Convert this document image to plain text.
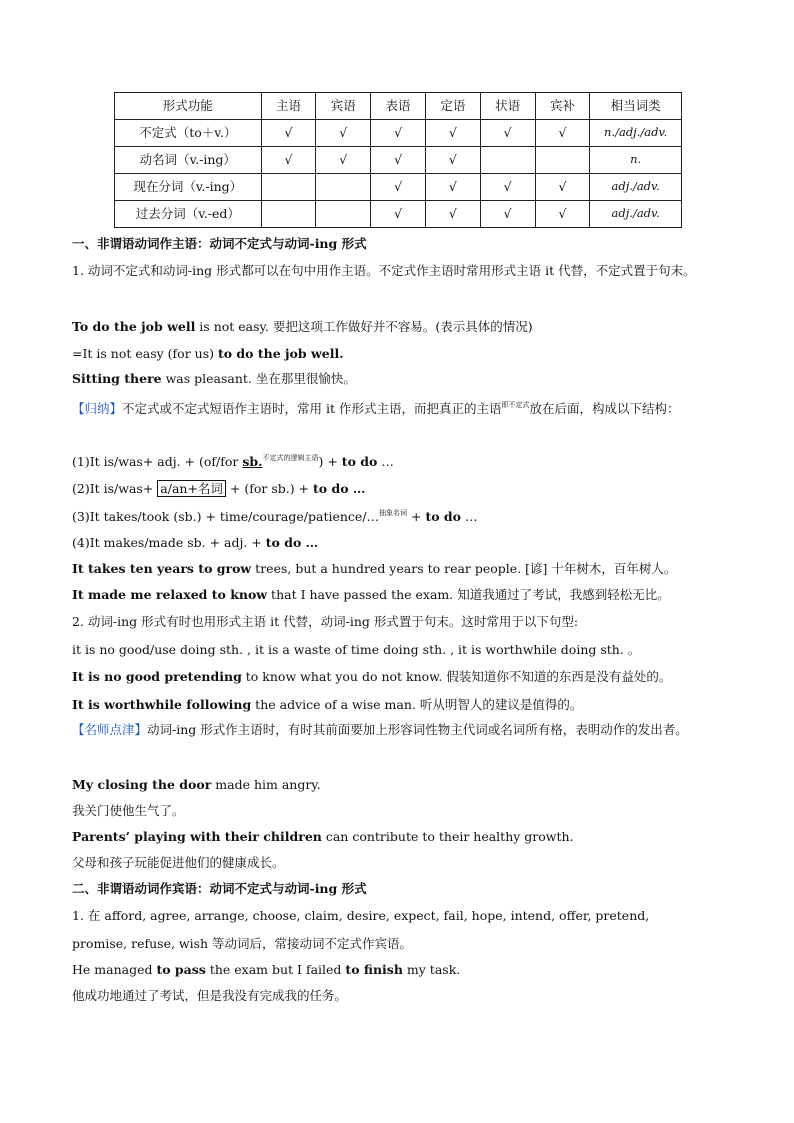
形式功能	主语	宾语	表语	定语	状语	宾补	相当词类
不定式（to＋v.）	√	√	√	√	√	√	n./adj./adv.
动名词（v.-ing）	√	√	√	√			n.
现在分词（v.-ing）			√	√	√	√	adj./adv.
过去分词（v.-ed）			√	√	√	√	adj./adv.
一、非谓语动词作主语：动词不定式与动词-ing 形式
1. 动词不定式和动词-ing 形式都可以在句中用作主语。不定式作主语时常用形式主语 it 代替，不定式置于句末。
To do the job well is not easy. 要把这项工作做好并不容易。(表示具体的情况)
=It is not easy (for us) to do the job well.
Sitting there was pleasant. 坐在那里很愉快。
【归纳】不定式或不定式短语作主语时，常用 it 作形式主语，而把真正的主语$^{即不定式}$放在后面，构成以下结构：
(1)It is/was+ adj. + (of/for sb.$^{不定式的逻辑主语}$) + to do …
(2)It is/was+ a/an+名词 + (for sb.) + to do …
(3)It takes/took (sb.) + time/courage/patience/…$^{抽象名词}$ + to do …
(4)It makes/made sb. + adj. + to do …
It takes ten years to grow trees, but a hundred years to rear people. [谚] 十年树木，百年树人。
It made me relaxed to know that I have passed the exam. 知道我通过了考试，我感到轻松无比。
2. 动词-ing 形式有时也用形式主语 it 代替，动词-ing 形式置于句末。这时常用于以下句型:
it is no good/use doing sth. , it is a waste of time doing sth. , it is worthwhile doing sth. 。
It is no good pretending to know what you do not know. 假装知道你不知道的东西是没有益处的。
It is worthwhile following the advice of a wise man. 听从明智人的建议是值得的。
【名师点津】动词-ing 形式作主语时，有时其前面要加上形容词性物主代词或名词所有格，表明动作的发出者。
My closing the door made him angry.
我关门使他生气了。
Parents’ playing with their children can contribute to their healthy growth.
父母和孩子玩能促进他们的健康成长。
二、非谓语动词作宾语：动词不定式与动词-ing 形式
1. 在 afford, agree, arrange, choose, claim, desire, expect, fail, hope, intend, offer, pretend,
promise, refuse, wish 等动词后，常接动词不定式作宾语。
He managed to pass the exam but I failed to finish my task.
他成功地通过了考试，但是我没有完成我的任务。
